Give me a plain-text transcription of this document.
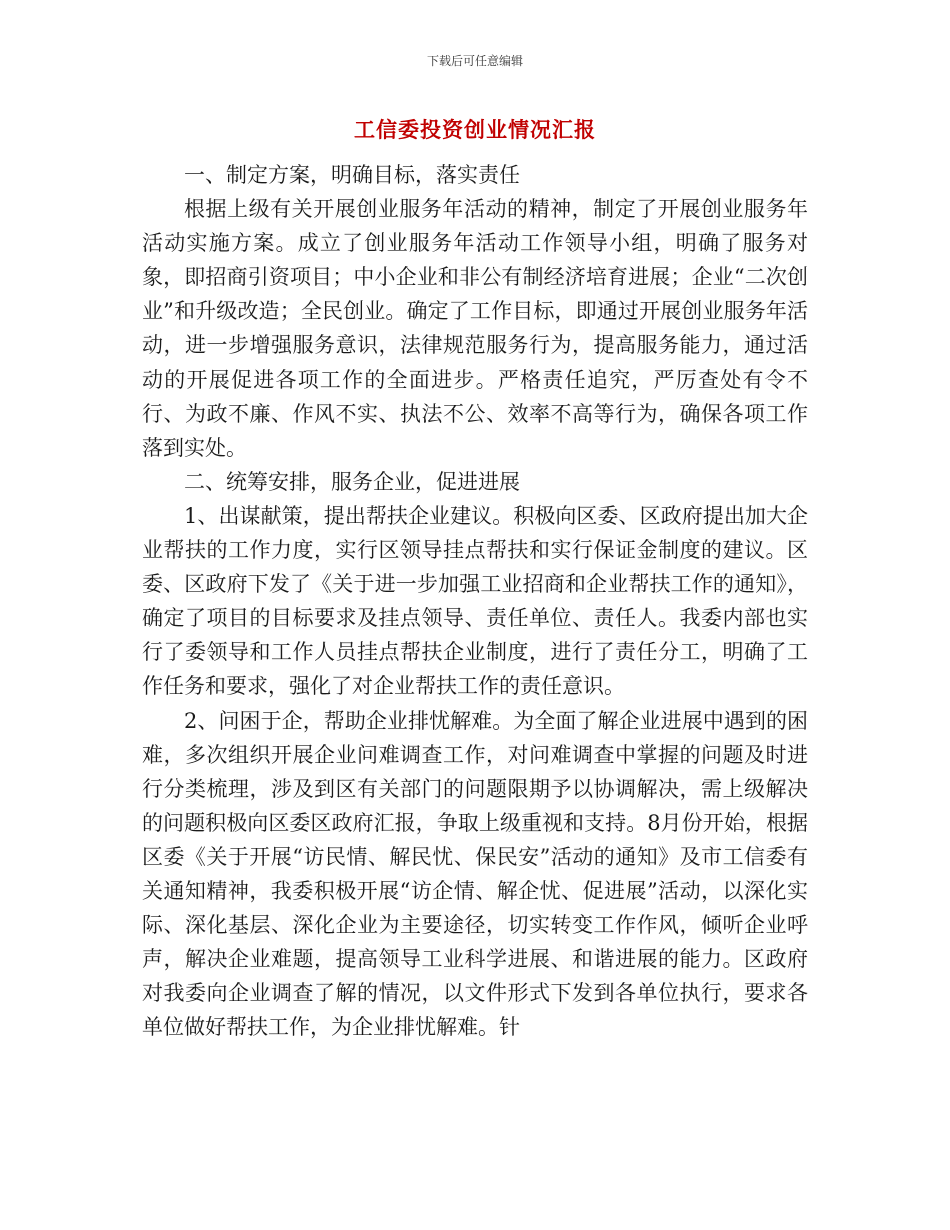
下载后可任意编辑
工信委投资创业情况汇报

一、制定方案，明确目标，落实责任

根据上级有关开展创业服务年活动的精神，制定了开展创业服务年活动实施方案。成立了创业服务年活动工作领导小组，明确了服务对象，即招商引资项目；中小企业和非公有制经济培育进展；企业“二次创业”和升级改造；全民创业。确定了工作目标，即通过开展创业服务年活动，进一步增强服务意识，法律规范服务行为，提高服务能力，通过活动的开展促进各项工作的全面进步。严格责任追究，严厉查处有令不行、为政不廉、作风不实、执法不公、效率不高等行为，确保各项工作落到实处。

二、统筹安排，服务企业，促进进展

1、出谋献策，提出帮扶企业建议。积极向区委、区政府提出加大企业帮扶的工作力度，实行区领导挂点帮扶和实行保证金制度的建议。区委、区政府下发了《关于进一步加强工业招商和企业帮扶工作的通知》，确定了项目的目标要求及挂点领导、责任单位、责任人。我委内部也实行了委领导和工作人员挂点帮扶企业制度，进行了责任分工，明确了工作任务和要求，强化了对企业帮扶工作的责任意识。

2、问困于企，帮助企业排忧解难。为全面了解企业进展中遇到的困难，多次组织开展企业问难调查工作，对问难调查中掌握的问题及时进行分类梳理，涉及到区有关部门的问题限期予以协调解决，需上级解决的问题积极向区委区政府汇报，争取上级重视和支持。8月份开始，根据区委《关于开展“访民情、解民忧、保民安”活动的通知》及市工信委有关通知精神，我委积极开展“访企情、解企忧、促进展”活动，以深化实际、深化基层、深化企业为主要途径，切实转变工作作风，倾听企业呼声，解决企业难题，提高领导工业科学进展、和谐进展的能力。区政府对我委向企业调查了解的情况，以文件形式下发到各单位执行，要求各单位做好帮扶工作，为企业排忧解难。针
